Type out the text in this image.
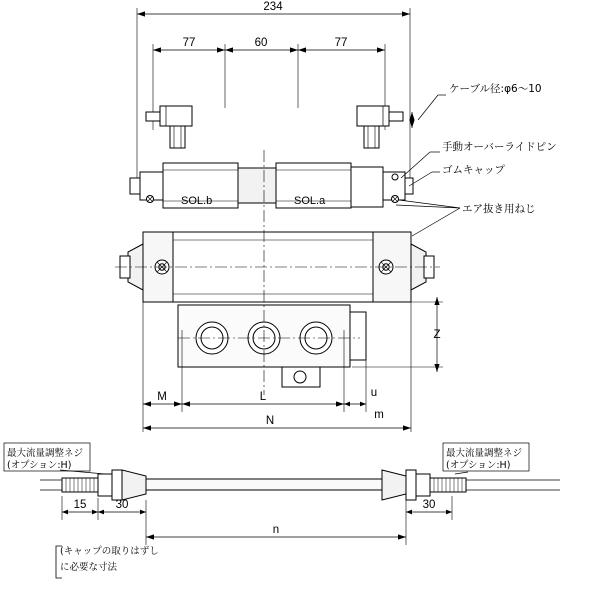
234
77	60	77
SOL.b	SOL.a
Z
M	L	u
m
N
ケーブル径:φ6～10
手動オーバーライドピン
ゴムキャップ
エア抜き用ねじ
最大流量調整ネジ
(オプション:H)
最大流量調整ネジ
(オプション:H)
15	30	30
n
(キャップの取りはずし
に必要な寸法
